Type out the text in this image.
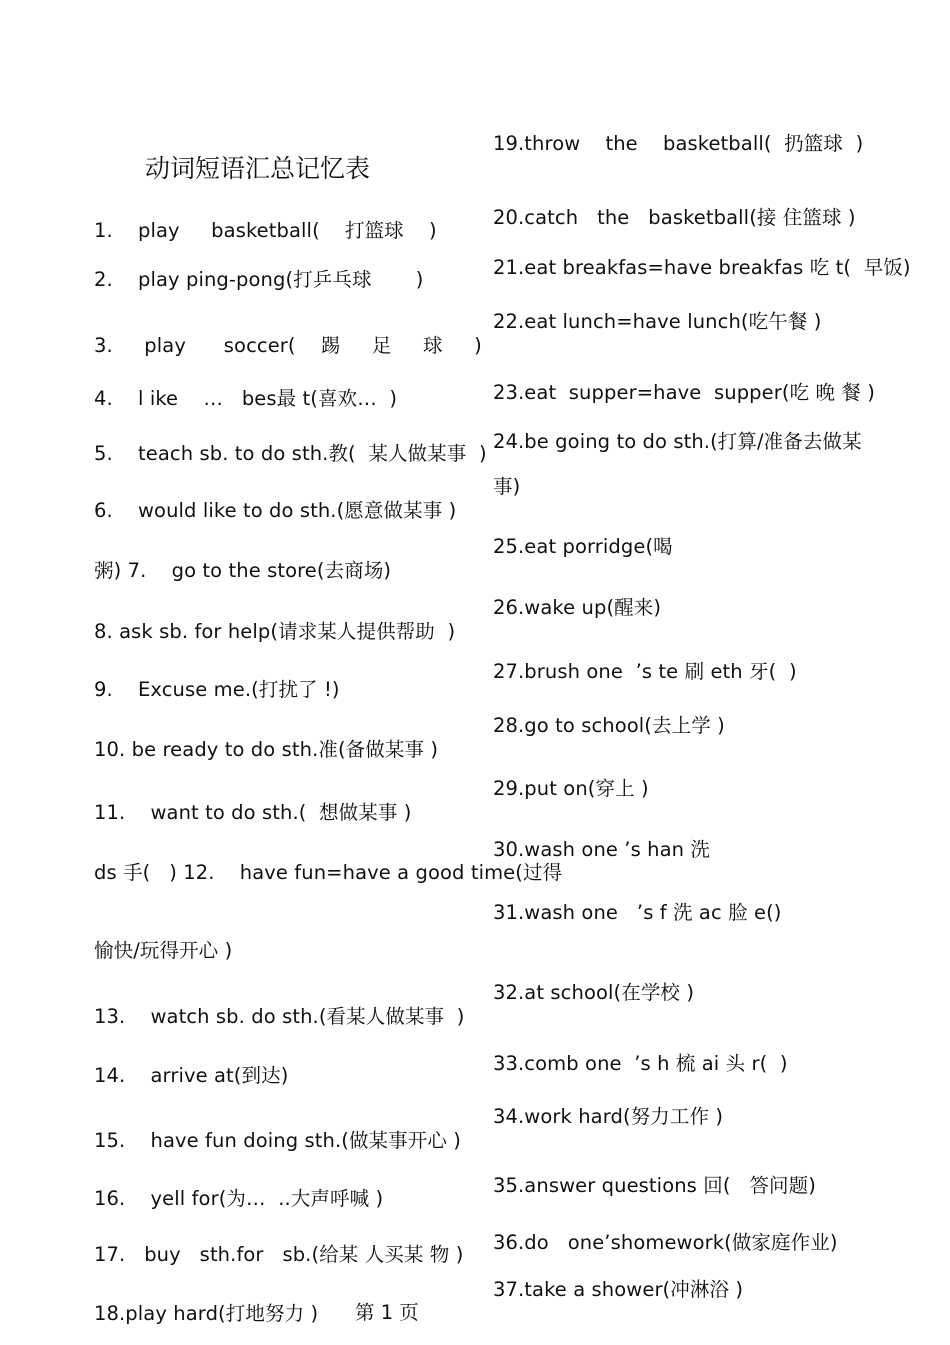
动词短语汇总记忆表
1.    play     basketball(    打篮球    )
2.    play ping-pong(打乒乓球       )
3.     play      soccer(    踢     足     球     )
4.    l ike    …   bes最 t(喜欢…  )
5.    teach sb. to do sth.教(  某人做某事  )
6.    would like to do sth.(愿意做某事 )
粥) 7.    go to the store(去商场)
8. ask sb. for help(请求某人提供帮助  )
9.    Excuse me.(打扰了 !)
10. be ready to do sth.准(备做某事 )
11.    want to do sth.(  想做某事 )
ds 手(   ) 12.    have fun=have a good time(过得
愉快/玩得开心 )
13.    watch sb. do sth.(看某人做某事  )
14.    arrive at(到达)
15.    have fun doing sth.(做某事开心 )
16.    yell for(为…  ..大声呼喊 )
17.   buy   sth.for   sb.(给某 人买某 物 )
18.play hard(打地努力 )
19.throw    the    basketball(  扔篮球  )
20.catch   the   basketball(接 住篮球 )
21.eat breakfas=have breakfas 吃 t(  早饭)
22.eat lunch=have lunch(吃午餐 )
23.eat  supper=have  supper(吃 晚 餐 )
24.be going to do sth.(打算/准备去做某
事)
25.eat porridge(喝
26.wake up(醒来)
27.brush one  ’s te 刷 eth 牙(  )
28.go to school(去上学 )
29.put on(穿上 )
30.wash one ’s han 洗
31.wash one   ’s f 洗 ac 脸 e()
32.at school(在学校 )
33.comb one  ’s h 梳 ai 头 r(  )
34.work hard(努力工作 )
35.answer questions 回(   答问题)
36.do   one’shomework(做家庭作业)
37.take a shower(冲淋浴 )
第 1 页
